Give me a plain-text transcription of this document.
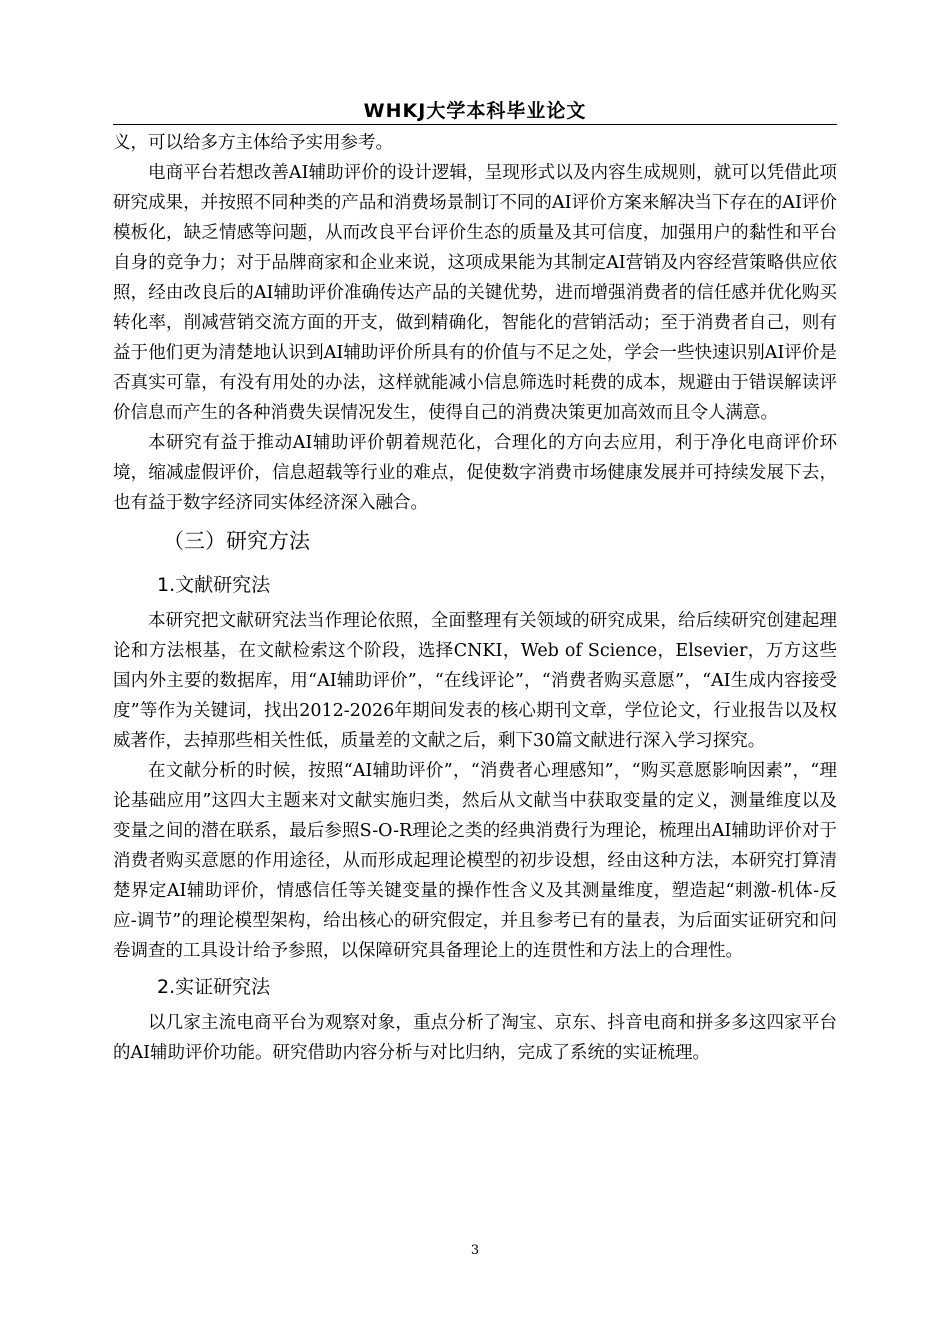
WHKJ大学本科毕业论文

义，可以给多方主体给予实用参考。

电商平台若想改善AI辅助评价的设计逻辑，呈现形式以及内容生成规则，就可以凭借此项研究成果，并按照不同种类的产品和消费场景制订不同的AI评价方案来解决当下存在的AI评价模板化，缺乏情感等问题，从而改良平台评价生态的质量及其可信度，加强用户的黏性和平台自身的竞争力；对于品牌商家和企业来说，这项成果能为其制定AI营销及内容经营策略供应依照，经由改良后的AI辅助评价准确传达产品的关键优势，进而增强消费者的信任感并优化购买转化率，削减营销交流方面的开支，做到精确化，智能化的营销活动；至于消费者自己，则有益于他们更为清楚地认识到AI辅助评价所具有的价值与不足之处，学会一些快速识别AI评价是否真实可靠，有没有用处的办法，这样就能减小信息筛选时耗费的成本，规避由于错误解读评价信息而产生的各种消费失误情况发生，使得自己的消费决策更加高效而且令人满意。

本研究有益于推动AI辅助评价朝着规范化，合理化的方向去应用，利于净化电商评价环境，缩减虚假评价，信息超载等行业的难点，促使数字消费市场健康发展并可持续发展下去，也有益于数字经济同实体经济深入融合。

（三）研究方法
1.文献研究法

本研究把文献研究法当作理论依照，全面整理有关领域的研究成果，给后续研究创建起理论和方法根基，在文献检索这个阶段，选择CNKI，Web of Science，Elsevier，万方这些国内外主要的数据库，用“AI辅助评价”，“在线评论”，“消费者购买意愿”，“AI生成内容接受度”等作为关键词，找出2012-2026年期间发表的核心期刊文章，学位论文，行业报告以及权威著作，去掉那些相关性低，质量差的文献之后，剩下30篇文献进行深入学习探究。

在文献分析的时候，按照“AI辅助评价”，“消费者心理感知”，“购买意愿影响因素”，“理论基础应用”这四大主题来对文献实施归类，然后从文献当中获取变量的定义，测量维度以及变量之间的潜在联系，最后参照S-O-R理论之类的经典消费行为理论，梳理出AI辅助评价对于消费者购买意愿的作用途径，从而形成起理论模型的初步设想，经由这种方法，本研究打算清楚界定AI辅助评价，情感信任等关键变量的操作性含义及其测量维度，塑造起“刺激-机体-反应-调节”的理论模型架构，给出核心的研究假定，并且参考已有的量表，为后面实证研究和问卷调查的工具设计给予参照，以保障研究具备理论上的连贯性和方法上的合理性。

2.实证研究法

以几家主流电商平台为观察对象，重点分析了淘宝、京东、抖音电商和拼多多这四家平台的AI辅助评价功能。研究借助内容分析与对比归纳，完成了系统的实证梳理。

3
